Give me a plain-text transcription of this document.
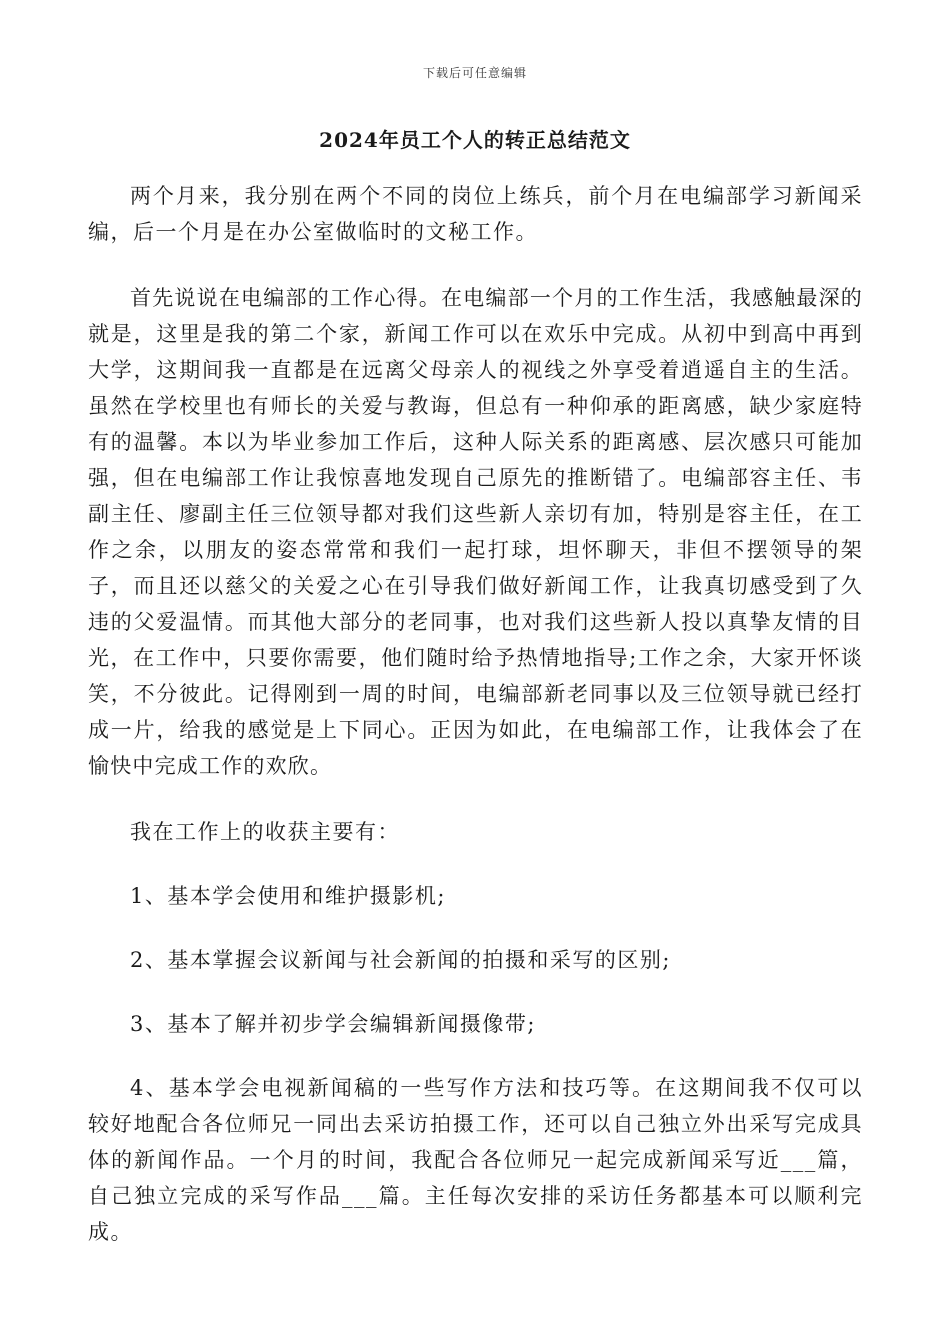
下载后可任意编辑
2024年员工个人的转正总结范文

两个月来，我分别在两个不同的岗位上练兵，前个月在电编部学习新闻采编，后一个月是在办公室做临时的文秘工作。

首先说说在电编部的工作心得。在电编部一个月的工作生活，我感触最深的就是，这里是我的第二个家，新闻工作可以在欢乐中完成。从初中到高中再到大学，这期间我一直都是在远离父母亲人的视线之外享受着逍遥自主的生活。虽然在学校里也有师长的关爱与教诲，但总有一种仰承的距离感，缺少家庭特有的温馨。本以为毕业参加工作后，这种人际关系的距离感、层次感只可能加强，但在电编部工作让我惊喜地发现自己原先的推断错了。电编部容主任、韦副主任、廖副主任三位领导都对我们这些新人亲切有加，特别是容主任，在工作之余，以朋友的姿态常常和我们一起打球，坦怀聊天，非但不摆领导的架子，而且还以慈父的关爱之心在引导我们做好新闻工作，让我真切感受到了久违的父爱温情。而其他大部分的老同事，也对我们这些新人投以真挚友情的目光，在工作中，只要你需要，他们随时给予热情地指导;工作之余，大家开怀谈笑，不分彼此。记得刚到一周的时间，电编部新老同事以及三位领导就已经打成一片，给我的感觉是上下同心。正因为如此，在电编部工作，让我体会了在愉快中完成工作的欢欣。

我在工作上的收获主要有：

1、基本学会使用和维护摄影机;

2、基本掌握会议新闻与社会新闻的拍摄和采写的区别;

3、基本了解并初步学会编辑新闻摄像带;

4、基本学会电视新闻稿的一些写作方法和技巧等。在这期间我不仅可以较好地配合各位师兄一同出去采访拍摄工作，还可以自己独立外出采写完成具体的新闻作品。一个月的时间，我配合各位师兄一起完成新闻采写近___篇，自己独立完成的采写作品___篇。主任每次安排的采访任务都基本可以顺利完成。
